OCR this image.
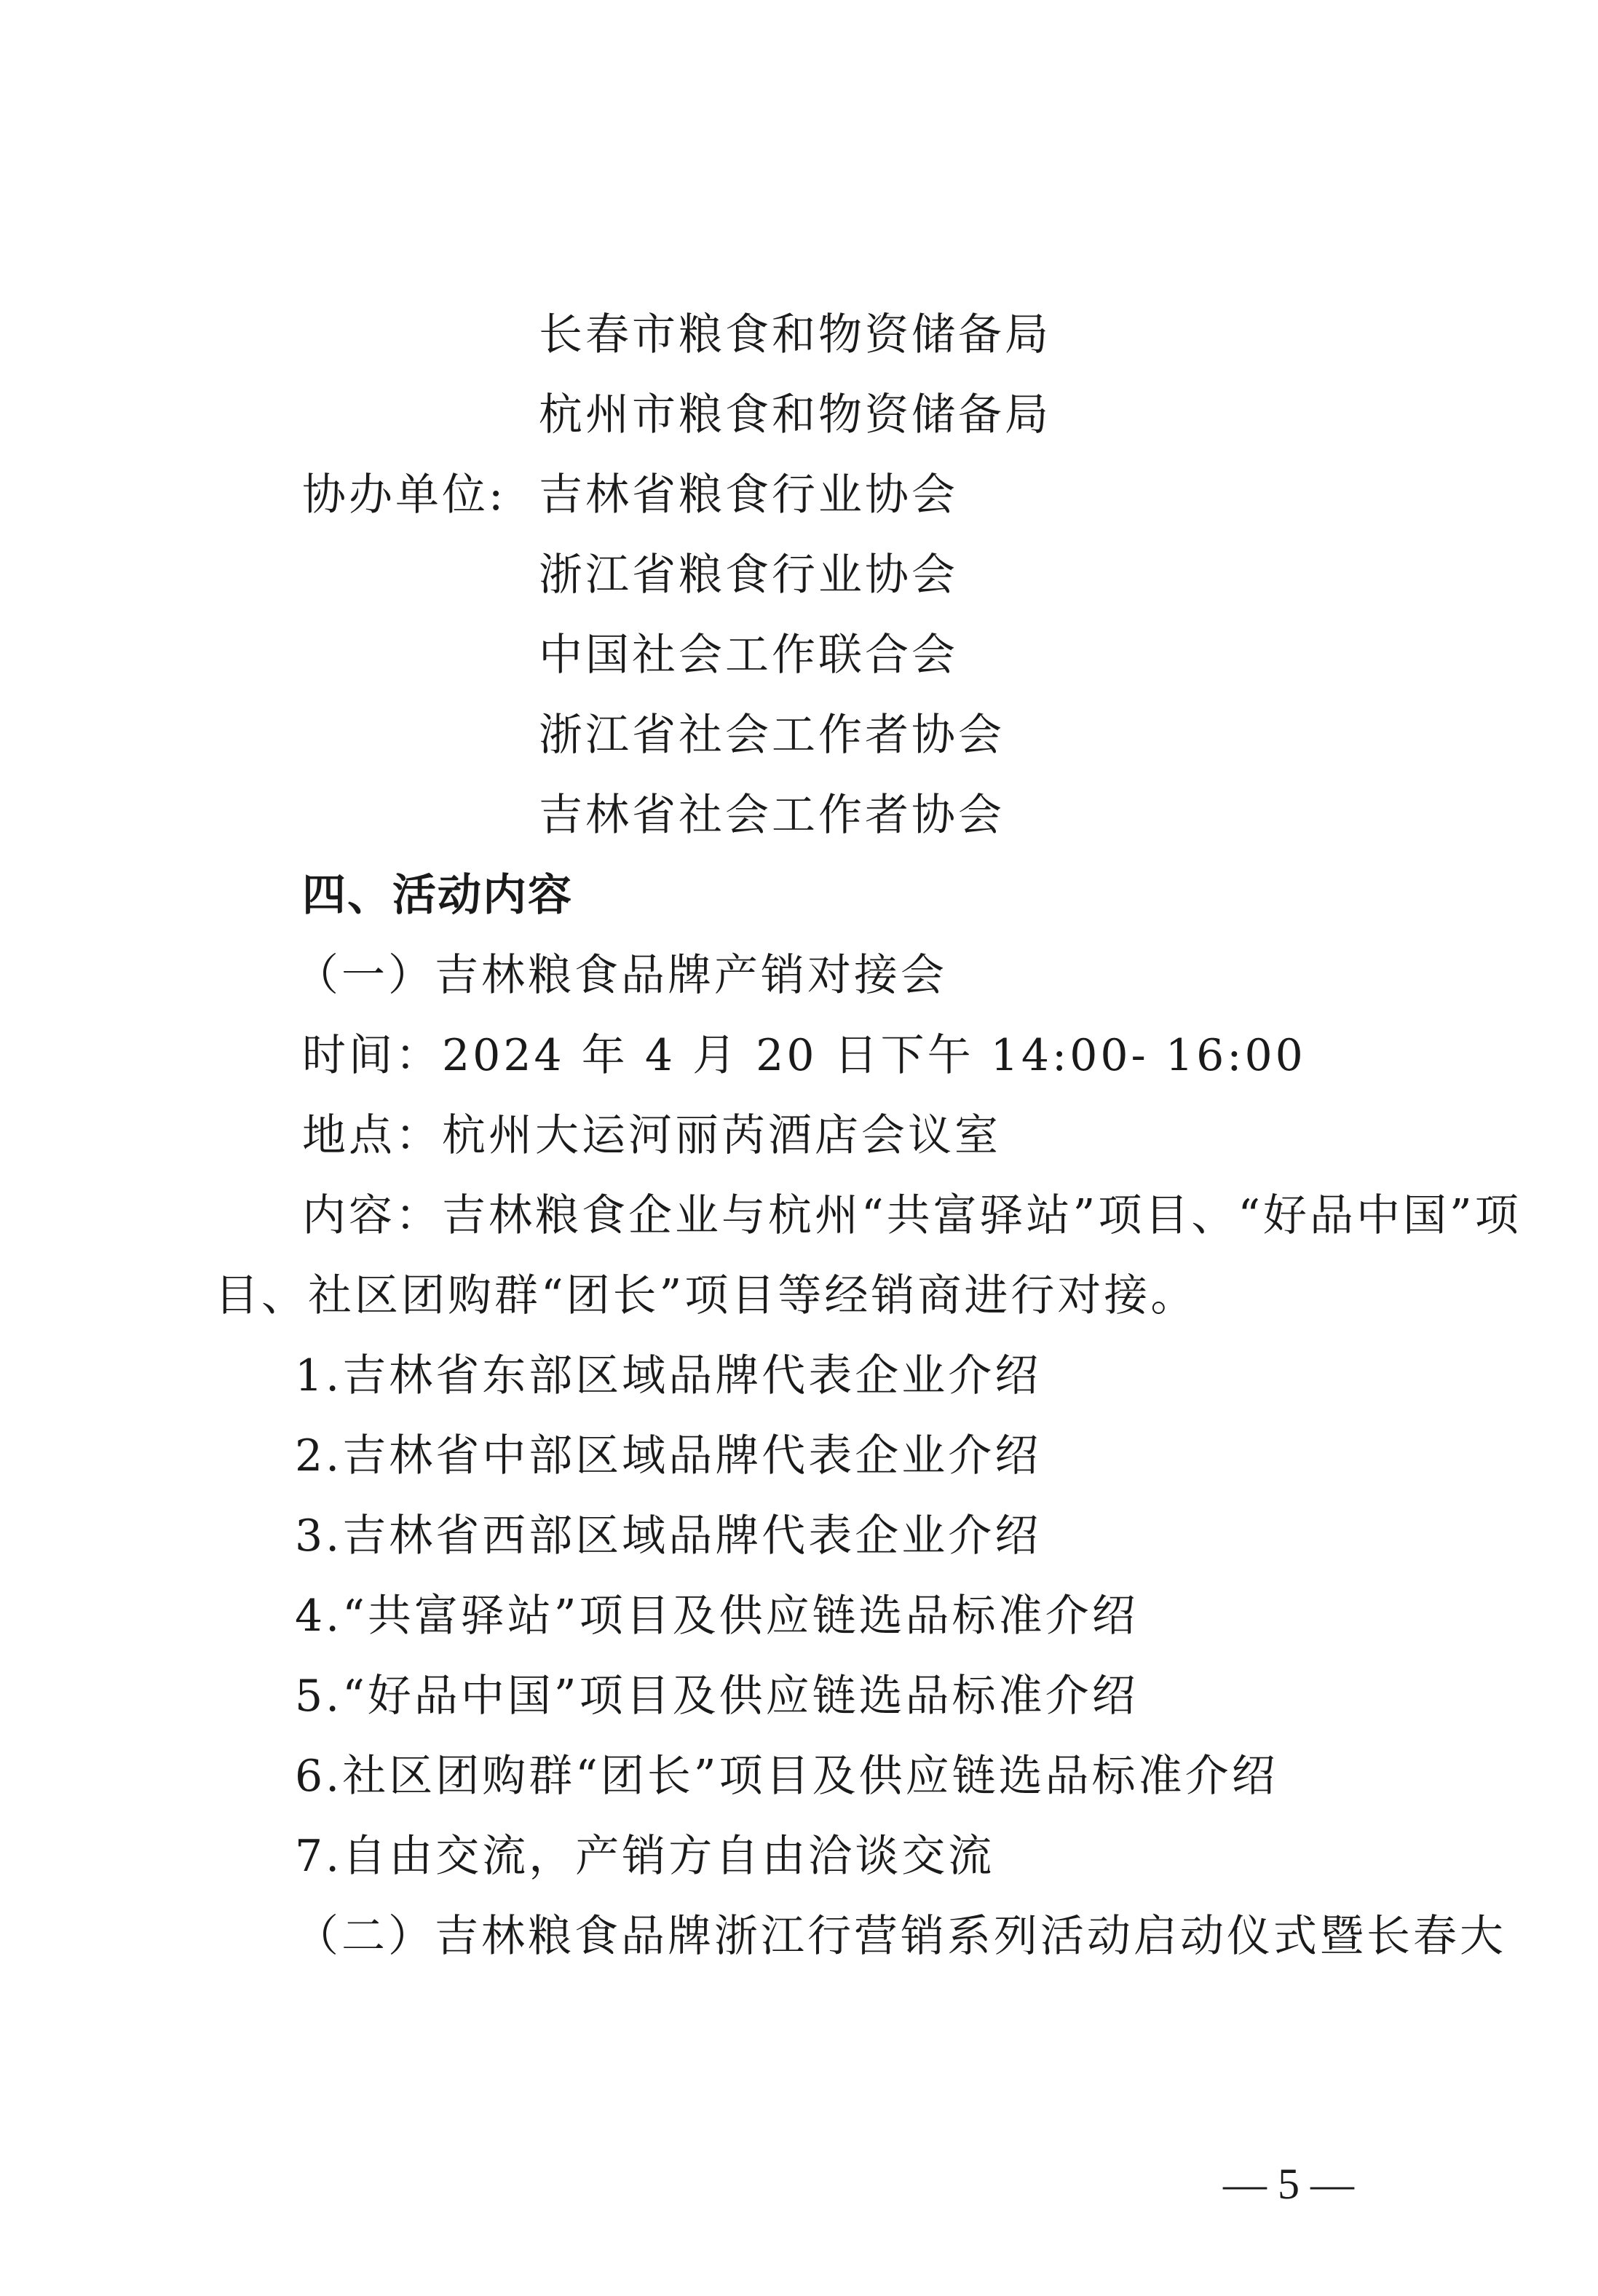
长春市粮食和物资储备局
杭州市粮食和物资储备局
协办单位: 吉林省粮食行业协会
浙江省粮食行业协会
中国社会工作联合会
浙江省社会工作者协会
吉林省社会工作者协会
四、活动内容
（一）吉林粮食品牌产销对接会
时间：2024 年 4 月 20 日下午 14:00- 16:00
地点：杭州大运河丽芮酒店会议室
内容：吉林粮食企业与杭州“共富驿站”项目、“好品中国”项
目、社区团购群“团长”项目等经销商进行对接。
1.吉林省东部区域品牌代表企业介绍
2.吉林省中部区域品牌代表企业介绍
3.吉林省西部区域品牌代表企业介绍
4.“共富驿站”项目及供应链选品标准介绍
5.“好品中国”项目及供应链选品标准介绍
6.社区团购群“团长”项目及供应链选品标准介绍
7.自由交流，产销方自由洽谈交流
（二）吉林粮食品牌浙江行营销系列活动启动仪式暨长春大
— 5 —
